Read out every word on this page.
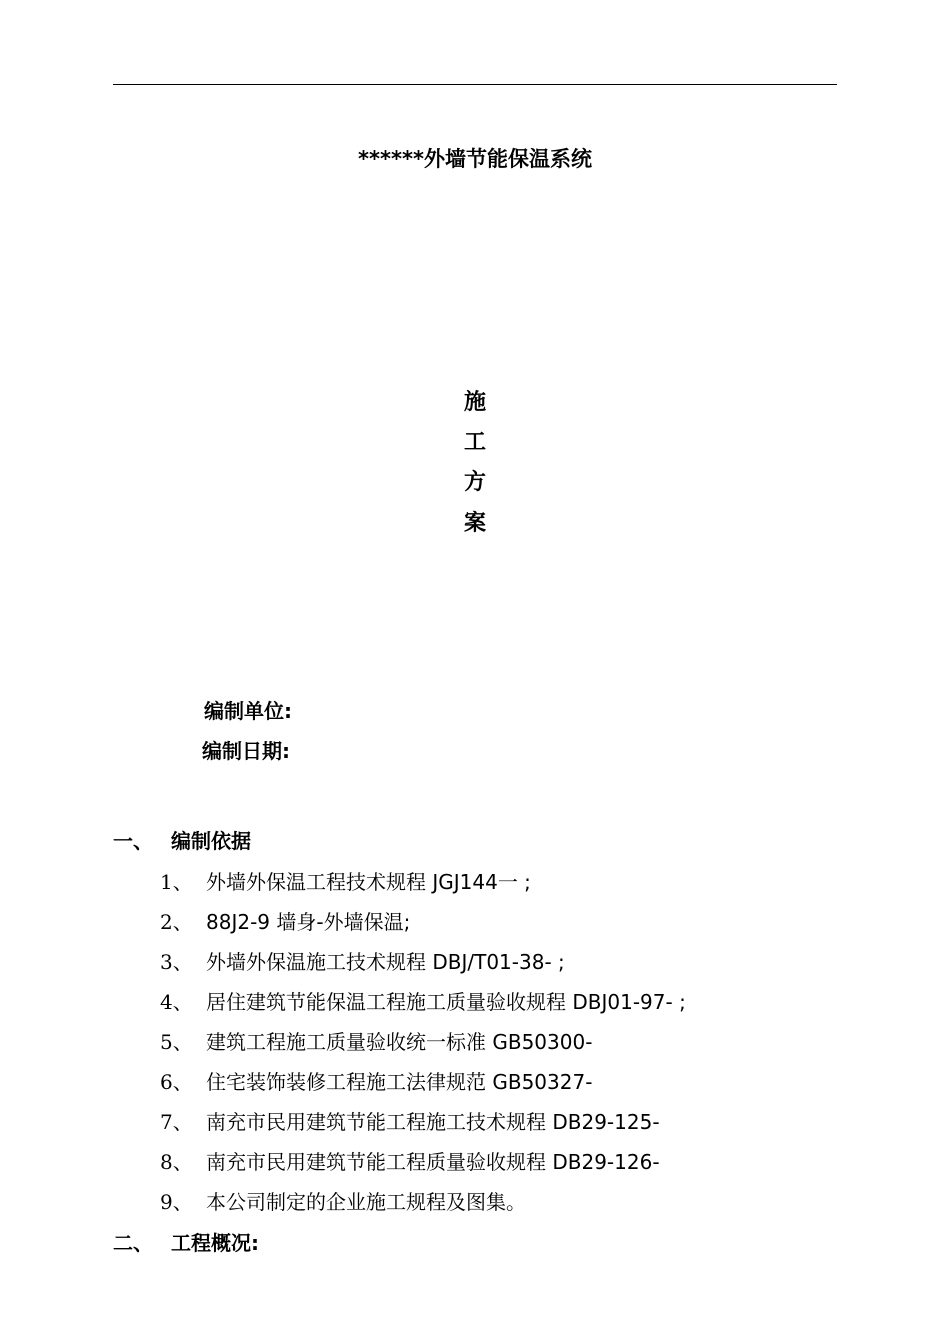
******外墙节能保温系统
施
工
方
案
编制单位:
编制日期:
一、 编制依据
1、 外墙外保温工程技术规程 JGJ144一 ;
2、 88J2-9 墙身-外墙保温;
3、 外墙外保温施工技术规程 DBJ/T01-38- ;
4、 居住建筑节能保温工程施工质量验收规程 DBJ01-97- ;
5、 建筑工程施工质量验收统一标准 GB50300-
6、 住宅装饰装修工程施工法律规范 GB50327-
7、 南充市民用建筑节能工程施工技术规程 DB29-125-
8、 南充市民用建筑节能工程质量验收规程 DB29-126-
9、 本公司制定的企业施工规程及图集。
二、 工程概况:
